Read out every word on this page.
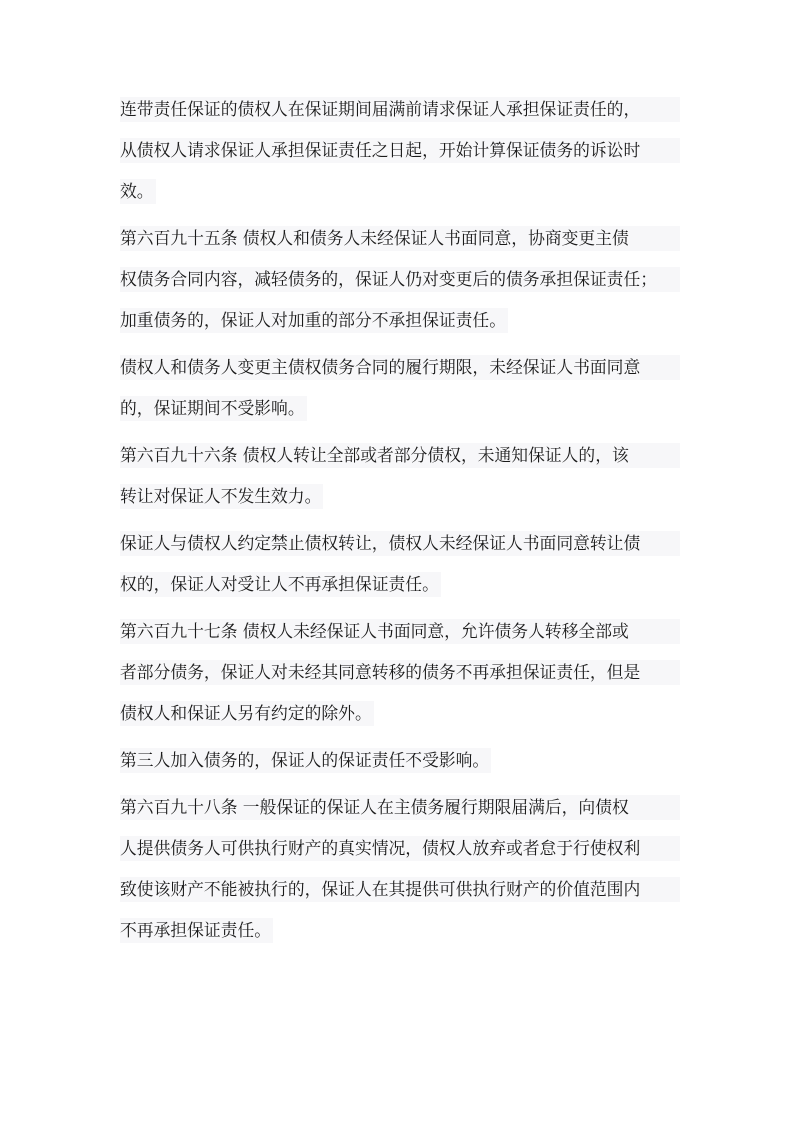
连带责任保证的债权人在保证期间届满前请求保证人承担保证责任的，
从债权人请求保证人承担保证责任之日起，开始计算保证债务的诉讼时
效。
第六百九十五条 债权人和债务人未经保证人书面同意，协商变更主债
权债务合同内容，减轻债务的，保证人仍对变更后的债务承担保证责任；
加重债务的，保证人对加重的部分不承担保证责任。
债权人和债务人变更主债权债务合同的履行期限，未经保证人书面同意
的，保证期间不受影响。
第六百九十六条 债权人转让全部或者部分债权，未通知保证人的，该
转让对保证人不发生效力。
保证人与债权人约定禁止债权转让，债权人未经保证人书面同意转让债
权的，保证人对受让人不再承担保证责任。
第六百九十七条 债权人未经保证人书面同意，允许债务人转移全部或
者部分债务，保证人对未经其同意转移的债务不再承担保证责任，但是
债权人和保证人另有约定的除外。
第三人加入债务的，保证人的保证责任不受影响。
第六百九十八条 一般保证的保证人在主债务履行期限届满后，向债权
人提供债务人可供执行财产的真实情况，债权人放弃或者怠于行使权利
致使该财产不能被执行的，保证人在其提供可供执行财产的价值范围内
不再承担保证责任。
